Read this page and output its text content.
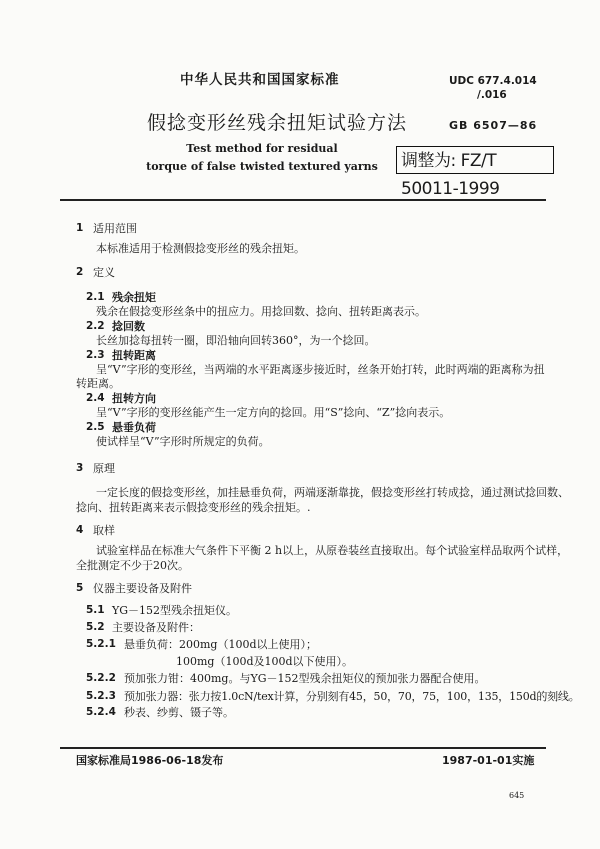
中华人民共和国国家标准	UDC 677.4.014
/.016
假捻变形丝残余扭矩试验方法	GB 6507—86
Test method for residual
torque of false twisted textured yarns 调整为: FZ/T 50011-1999
1 适用范围
本标准适用于检测假捻变形丝的残余扭矩。
2 定义
2.1 残余扭矩
残余在假捻变形丝条中的扭应力。用捻回数、捻向、扭转距离表示。
2.2 捻回数
长丝加捻每扭转一圈，即沿轴向回转360°，为一个捻回。
2.3 扭转距离
呈“V”字形的变形丝，当两端的水平距离逐步接近时，丝条开始打转，此时两端的距离称为扭
转距离。
2.4 扭转方向
呈“V”字形的变形丝能产生一定方向的捻回。用“S”捻向、“Z”捻向表示。
2.5 悬垂负荷
使试样呈“V”字形时所规定的负荷。
3 原理
一定长度的假捻变形丝，加挂悬垂负荷，两端逐渐靠拢，假捻变形丝打转成捻，通过测试捻回数、
捻向、扭转距离来表示假捻变形丝的残余扭矩。.
4 取样
试验室样品在标准大气条件下平衡 2 h以上，从原卷装丝直接取出。每个试验室样品取两个试样，
全批测定不少于20次。
5 仪器主要设备及附件
5.1 YG－152型残余扭矩仪。
5.2 主要设备及附件：
5.2.1 悬垂负荷：200mg（100d以上使用）；
100mg（100d及100d以下使用）。
5.2.2 预加张力钳：400mg。与YG－152型残余扭矩仪的预加张力器配合使用。
5.2.3 预加张力器：张力按1.0cN/tex计算，分别刻有45，50，70，75，100，135，150d的刻线。
5.2.4 秒表、纱剪、镊子等。
国家标准局1986-06-18发布	1987-01-01实施
645
